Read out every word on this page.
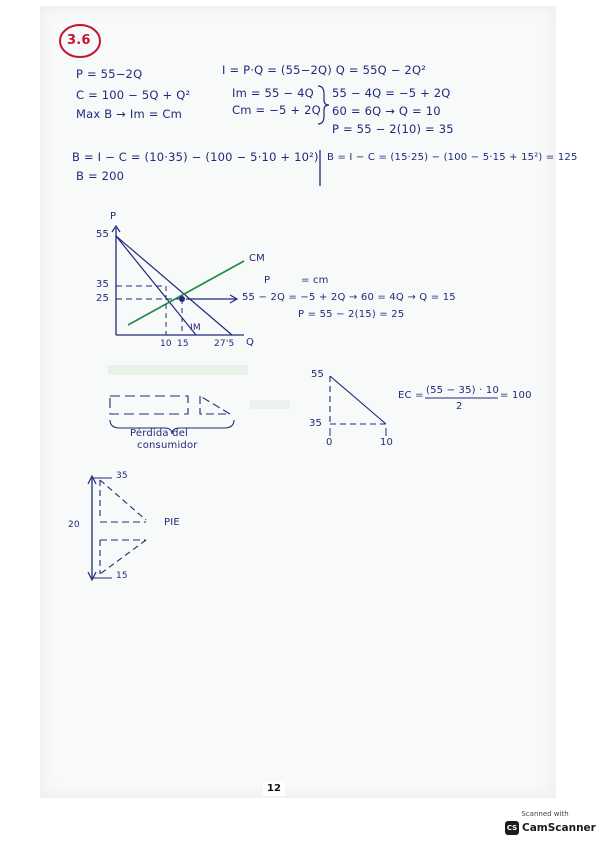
3.6
P = 55−2Q
C = 100 − 5Q + Q²
Max B → Im = Cm
I = P·Q = (55−2Q) Q = 55Q − 2Q²
Im = 55 − 4Q
Cm = −5 + 2Q
55 − 4Q = −5 + 2Q
60 = 6Q → Q = 10
P = 55 − 2(10) = 35
B = I − C = (10·35) − (100 − 5·10 + 10²)
B = 200
B = I − C = (15·25) − (100 − 5·15 + 15²) = 125
P
55
35
25
10 15	27'5 Q
CM
IM
P	= cm
55 − 2Q = −5 + 2Q → 60 = 4Q → Q = 15
P = 55 − 2(15) = 25
Pérdida del
consumidor
55
35
0	10
EC = (55 − 35) · 10
2
= 100
35
20
15
PIE
12
Scanned with
CS CamScanner
